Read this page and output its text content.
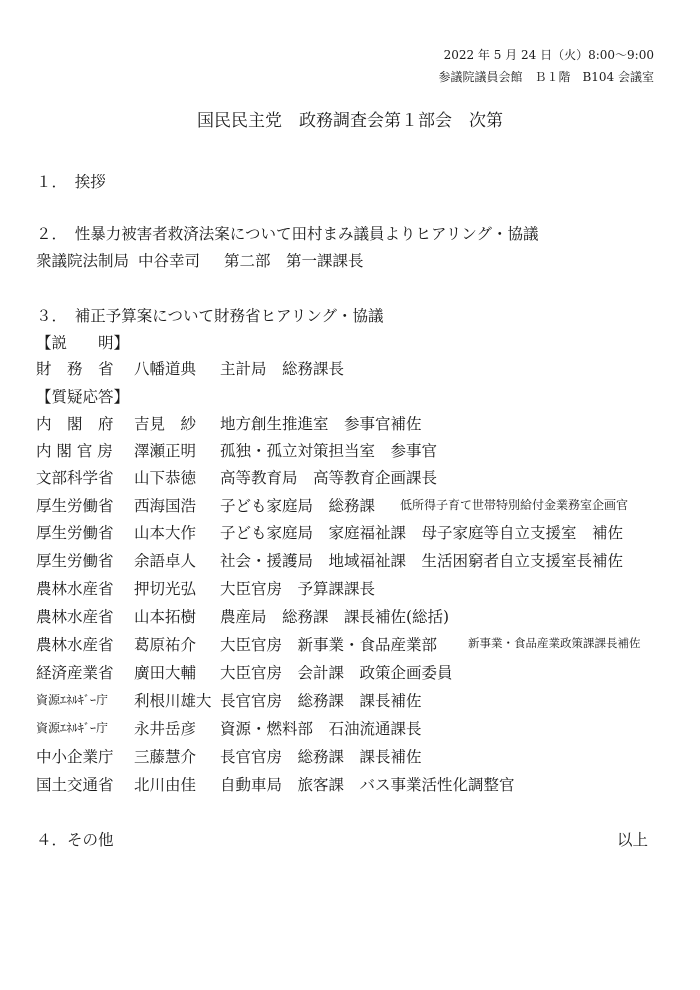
2022 年 5 月 24 日（火）8:00～9:00
参議院議員会館　Ｂ１階　B104 会議室
国民民主党　政務調査会第１部会　次第
１．　挨拶
２．　性暴力被害者救済法案について田村まみ議員よりヒアリング・協議
衆議院法制局 中谷幸司 第二部　第一課課長
３．　補正予算案について財務省ヒアリング・協議
【説　　明】
財　務　省 八幡道典 主計局　総務課長
【質疑応答】
内　閣　府 吉見　紗 地方創生推進室　参事官補佐
内 閣 官 房 澤瀬正明 孤独・孤立対策担当室　参事官
文部科学省 山下恭徳 高等教育局　高等教育企画課長
厚生労働省 西海国浩 子ども家庭局　総務課 低所得子育て世帯特別給付金業務室企画官
厚生労働省 山本大作 子ども家庭局　家庭福祉課　母子家庭等自立支援室　補佐
厚生労働省 余語卓人 社会・援護局　地域福祉課　生活困窮者自立支援室長補佐
農林水産省 押切光弘 大臣官房　予算課課長
農林水産省 山本拓樹 農産局　総務課　課長補佐(総括)
農林水産省 葛原祐介 大臣官房　新事業・食品産業部	新事業・食品産業政策課課長補佐
経済産業省 廣田大輔 大臣官房　会計課　政策企画委員
資源ｴﾈﾙｷﾞｰ庁 利根川雄大 長官官房　総務課　課長補佐
資源ｴﾈﾙｷﾞｰ庁 永井岳彦 資源・燃料部　石油流通課長
中小企業庁 三藤慧介 長官官房　総務課　課長補佐
国土交通省 北川由佳 自動車局　旅客課　バス事業活性化調整官
４．その他	以上
